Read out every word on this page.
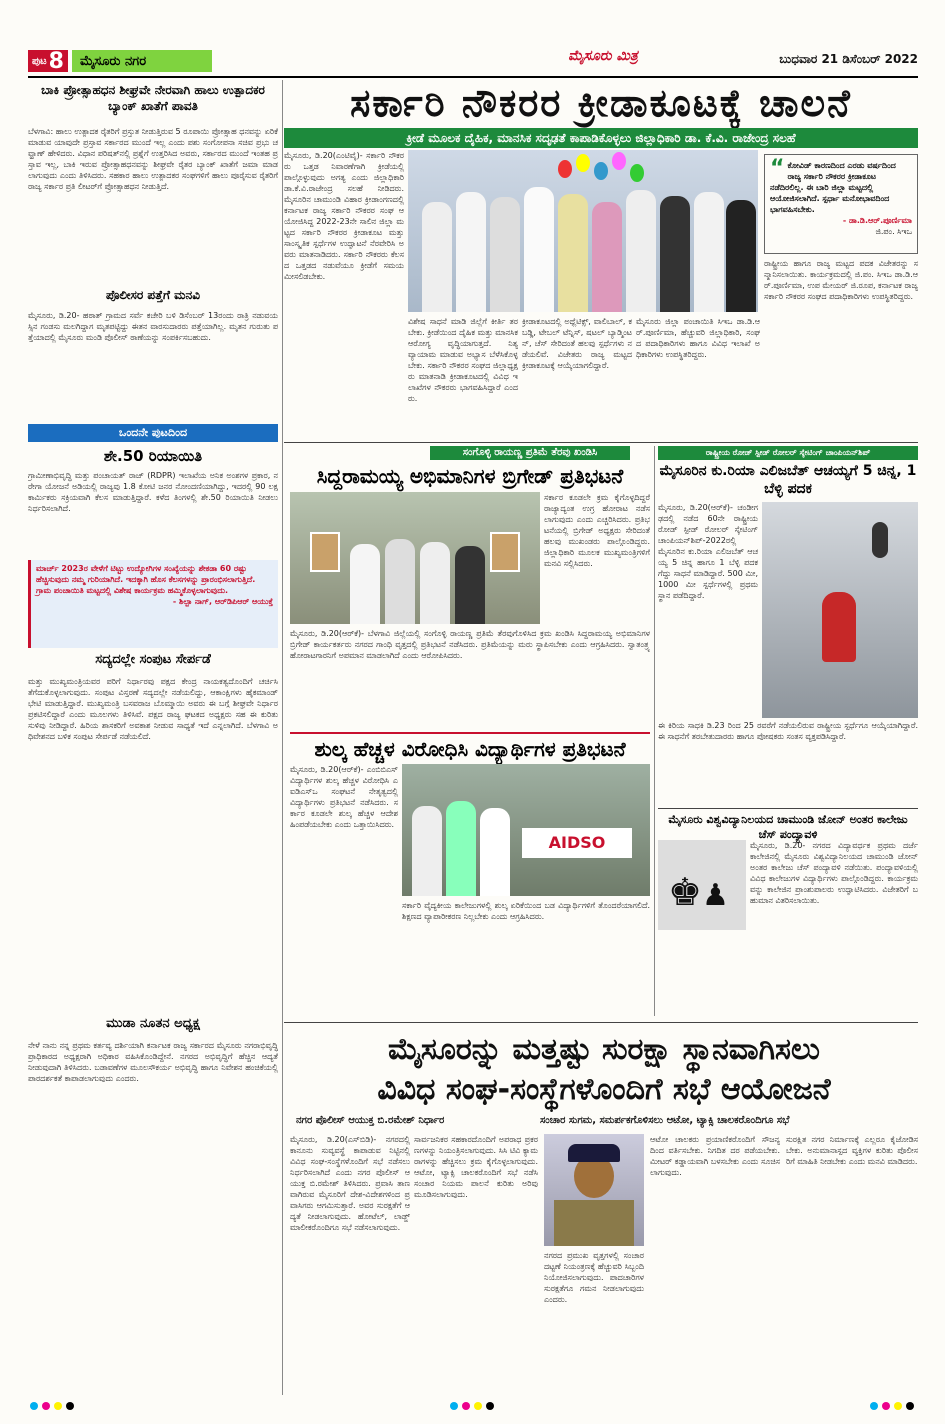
ಪುಟ 8	ಮೈಸೂರು ನಗರ	ಮೈಸೂರು ಮಿತ್ರ	ಬುಧವಾರ 21 ಡಿಸೆಂಬರ್ 2022
ಬಾಕಿ ಪ್ರೋತ್ಸಾಹಧನ ಶೀಘ್ರವೇ ನೇರವಾಗಿ ಹಾಲು ಉತ್ಪಾದಕರ ಬ್ಯಾಂಕ್ ಖಾತೆಗೆ ಪಾವತಿ
ಬೆಳಗಾವಿ: ಹಾಲು ಉತ್ಪಾದಕ ರೈತರಿಗೆ ಪ್ರಸ್ತುತ ನೀಡುತ್ತಿರುವ 5 ರೂಪಾಯಿ ಪ್ರೋತ್ಸಾಹ ಧನವನ್ನು ಏರಿಕೆ ಮಾಡುವ ಯಾವುದೇ ಪ್ರಸ್ತಾವ ಸರ್ಕಾರದ ಮುಂದೆ ಇಲ್ಲ ಎಂದು ಪಶು ಸಂಗೋಪನಾ ಸಚಿವ ಪ್ರಭು ಚವ್ಹಾಣ್ ಹೇಳಿದರು. ವಿಧಾನ ಪರಿಷತ್‌ನಲ್ಲಿ ಪ್ರಶ್ನೆಗೆ ಉತ್ತರಿಸಿದ ಅವರು, ಸರ್ಕಾರದ ಮುಂದೆ ಇಂತಹ ಪ್ರಸ್ತಾವ ಇಲ್ಲ, ಬಾಕಿ ಇರುವ ಪ್ರೋತ್ಸಾಹಧನವನ್ನು ಶೀಘ್ರವೇ ರೈತರ ಬ್ಯಾಂಕ್ ಖಾತೆಗೆ ಜಮಾ ಮಾಡಲಾಗುವುದು ಎಂದು ತಿಳಿಸಿದರು. ಸಹಕಾರ ಹಾಲು ಉತ್ಪಾದಕರ ಸಂಘಗಳಿಗೆ ಹಾಲು ಪೂರೈಸುವ ರೈತರಿಗೆ ರಾಜ್ಯ ಸರ್ಕಾರ ಪ್ರತಿ ಲೀಟರ್‌ಗೆ ಪ್ರೋತ್ಸಾಹಧನ ನೀಡುತ್ತಿದೆ.
ಪೊಲೀಸರ ಪತ್ತೆಗೆ ಮನವಿ
ಮೈಸೂರು, ಡಿ.20- ಹಠಾತ್ ಗ್ರಾಮದ ಸರ್ವೆ ಕಚೇರಿ ಬಳಿ ಡಿಸೆಂಬರ್ 13ರಂದು ರಾತ್ರಿ ನಡುವಯಸ್ಸಿನ ಗಂಡಸು ಮಲಗಿದ್ದಾಗ ಮೃತಪಟ್ಟಿದ್ದು ಈತನ ವಾರಸುದಾರರು ಪತ್ತೆಯಾಗಿಲ್ಲ. ಮೃತನ ಗುರುತು ಪತ್ತೆಯಾದಲ್ಲಿ ಮೈಸೂರು ಮಂಡಿ ಪೊಲೀಸ್ ಠಾಣೆಯನ್ನು ಸಂಪರ್ಕಿಸಬಹುದು.
ಒಂದನೇ ಪುಟದಿಂದ
ಶೇ.50 ರಿಯಾಯಿತಿ
ಗ್ರಾಮೀಣಾಭಿವೃದ್ಧಿ ಮತ್ತು ಪಂಚಾಯತ್ ರಾಜ್ (RDPR) ಇಲಾಖೆಯ ಅನಿಕ ಅಂಶಗಳ ಪ್ರಕಾರ, ನರೇಗಾ ಯೋಜನೆ ಅಡಿಯಲ್ಲಿ ರಾಜ್ಯವು 1.8 ಕೋಟಿ ಜನರ ನೋಂದಣಿಯಾಗಿದ್ದು, ಇದರಲ್ಲಿ 90 ಲಕ್ಷ ಕಾರ್ಮಿಕರು ಸಕ್ರಿಯವಾಗಿ ಕೆಲಸ ಮಾಡುತ್ತಿದ್ದಾರೆ. ಕಳೆದ ತಿಂಗಳಲ್ಲಿ ಶೇ.50 ರಿಯಾಯಿತಿ ನೀಡಲು ನಿರ್ಧರಿಸಲಾಗಿದೆ.
ಮಾರ್ಚ್ 2023ರ ವೇಳೆಗೆ ಟಿಟ್ಟು ಉದ್ಯೋಗಿಗಳ ಸಂಖ್ಯೆಯನ್ನು ಶೇಕಡಾ 60 ರಷ್ಟು ಹೆಚ್ಚಿಸುವುದು ನಮ್ಮ ಗುರಿಯಾಗಿದೆ. ಇದಕ್ಕಾಗಿ ಹೊಸ ಕೆಲಸಗಳನ್ನು ಪ್ರಾರಂಭಿಸಲಾಗುತ್ತಿದೆ. ಗ್ರಾಮ ಪಂಚಾಯಿತಿ ಮಟ್ಟದಲ್ಲಿ ವಿಶೇಷ ಕಾರ್ಯಕ್ರಮ ಹಮ್ಮಿಕೊಳ್ಳಲಾಗುವುದು.
- ಶಿಲ್ಪಾ ನಾಗ್, ಆರ್‌ಡಿಪಿಆರ್ ಆಯುಕ್ತೆ
ಸದ್ಯದಲ್ಲೇ ಸಂಪುಟ ಸೇರ್ಪಡೆ
ಮತ್ತು ಮುಖ್ಯಮಂತ್ರಿಯವರ ಪರಿಗೆ ನಿರ್ಧಾರವು ಪಕ್ಷದ ಕೇಂದ್ರ ನಾಯಕತ್ವದೊಂದಿಗೆ ಚರ್ಚಿಸಿ ತೆಗೆದುಕೊಳ್ಳಲಾಗುವುದು. ಸಂಪುಟ ವಿಸ್ತರಣೆ ಸದ್ಯದಲ್ಲೇ ನಡೆಯಲಿದ್ದು, ಆಕಾಂಕ್ಷಿಗಳು ಹೈಕಮಾಂಡ್ ಭೇಟಿ ಮಾಡುತ್ತಿದ್ದಾರೆ. ಮುಖ್ಯಮಂತ್ರಿ ಬಸವರಾಜ ಬೊಮ್ಮಾಯಿ ಅವರು ಈ ಬಗ್ಗೆ ಶೀಘ್ರವೇ ನಿರ್ಧಾರ ಪ್ರಕಟಿಸಲಿದ್ದಾರೆ ಎಂದು ಮೂಲಗಳು ತಿಳಿಸಿವೆ. ಪಕ್ಷದ ರಾಜ್ಯ ಘಟಕದ ಅಧ್ಯಕ್ಷರು ಸಹ ಈ ಕುರಿತು ಸುಳಿವು ನೀಡಿದ್ದಾರೆ. ಹಿರಿಯ ಶಾಸಕರಿಗೆ ಅವಕಾಶ ನೀಡುವ ಸಾಧ್ಯತೆ ಇದೆ ಎನ್ನಲಾಗಿದೆ. ಬೆಳಗಾವಿ ಅಧಿವೇಶನದ ಬಳಿಕ ಸಂಪುಟ ಸೇರ್ಪಡೆ ನಡೆಯಲಿದೆ.
ಮುಡಾ ನೂತನ ಅಧ್ಯಕ್ಷ
ನೇಳೆ ನಾನು ನನ್ನ ಪ್ರಥಮ ಕರ್ತವ್ಯ ದರ್ಶಿಯಾಗಿ ಕರ್ನಾಟಕ ರಾಜ್ಯ ಸರ್ಕಾರದ ಮೈಸೂರು ನಗರಾಭಿವೃದ್ಧಿ ಪ್ರಾಧಿಕಾರದ ಅಧ್ಯಕ್ಷರಾಗಿ ಅಧಿಕಾರ ವಹಿಸಿಕೊಂಡಿದ್ದೇನೆ. ನಗರದ ಅಭಿವೃದ್ಧಿಗೆ ಹೆಚ್ಚಿನ ಆದ್ಯತೆ ನೀಡುವುದಾಗಿ ತಿಳಿಸಿದರು. ಬಡಾವಣೆಗಳ ಮೂಲಸೌಕರ್ಯ ಅಭಿವೃದ್ಧಿ ಹಾಗೂ ನಿವೇಶನ ಹಂಚಿಕೆಯಲ್ಲಿ ಪಾರದರ್ಶಕತೆ ಕಾಪಾಡಲಾಗುವುದು ಎಂದರು.
ಸರ್ಕಾರಿ ನೌಕರರ ಕ್ರೀಡಾಕೂಟಕ್ಕೆ ಚಾಲನೆ
ಕ್ರೀಡೆ ಮೂಲಕ ದೈಹಿಕ, ಮಾನಸಿಕ ಸದೃಢತೆ ಕಾಪಾಡಿಕೊಳ್ಳಲು ಜಿಲ್ಲಾಧಿಕಾರಿ ಡಾ. ಕೆ.ವಿ. ರಾಜೇಂದ್ರ ಸಲಹೆ
ಮೈಸೂರು, ಡಿ.20(ಎಂಟಿವೈ)- ಸರ್ಕಾರಿ ನೌಕರರು ಒತ್ತಡ ನಿವಾರಣೆಗಾಗಿ ಕ್ರೀಡೆಯಲ್ಲಿ ಪಾಲ್ಗೊಳ್ಳುವುದು ಅಗತ್ಯ ಎಂದು ಜಿಲ್ಲಾಧಿಕಾರಿ ಡಾ.ಕೆ.ವಿ.ರಾಜೇಂದ್ರ ಸಲಹೆ ನೀಡಿದರು. ಮೈಸೂರಿನ ಚಾಮುಂಡಿ ವಿಹಾರ ಕ್ರೀಡಾಂಗಣದಲ್ಲಿ ಕರ್ನಾಟಕ ರಾಜ್ಯ ಸರ್ಕಾರಿ ನೌಕರರ ಸಂಘ ಆಯೋಜಿಸಿದ್ದ 2022-23ನೇ ಸಾಲಿನ ಜಿಲ್ಲಾ ಮಟ್ಟದ ಸರ್ಕಾರಿ ನೌಕರರ ಕ್ರೀಡಾಕೂಟ ಮತ್ತು ಸಾಂಸ್ಕೃತಿಕ ಸ್ಪರ್ಧೆಗಳ ಉದ್ಘಾಟನೆ ನೆರವೇರಿಸಿ ಅವರು ಮಾತನಾಡಿದರು. ಸರ್ಕಾರಿ ನೌಕರರು ಕೆಲಸದ ಒತ್ತಡದ ನಡುವೆಯೂ ಕ್ರೀಡೆಗೆ ಸಮಯ ಮೀಸಲಿಡಬೇಕು.
“ ಕೋವಿಡ್ ಕಾರಣದಿಂದ ಎರಡು ವರ್ಷದಿಂದ ರಾಜ್ಯ ಸರ್ಕಾರಿ ನೌಕರರ ಕ್ರೀಡಾಕೂಟ ನಡೆದಿರಲಿಲ್ಲ. ಈ ಬಾರಿ ಜಿಲ್ಲಾ ಮಟ್ಟದಲ್ಲಿ ಆಯೋಜಿಸಲಾಗಿದೆ. ಸ್ಪರ್ಧಾ ಮನೋಭಾವದಿಂದ ಭಾಗವಹಿಸಬೇಕು.
- ಡಾ.ಡಿ.ಆರ್.ಪೂರ್ಣಿಮಾ
ಜಿ.ಪಂ. ಸಿಇಒ
ವಿಶೇಷ ಸಾಧನೆ ಮಾಡಿ ಜಿಲ್ಲೆಗೆ ಕೀರ್ತಿ ತರಬೇಕು. ಕ್ರೀಡೆಯಿಂದ ದೈಹಿಕ ಮತ್ತು ಮಾನಸಿಕ ಆರೋಗ್ಯ ವೃದ್ಧಿಯಾಗುತ್ತದೆ. ನಿತ್ಯ ವ್ಯಾಯಾಮ ಮಾಡುವ ಅಭ್ಯಾಸ ಬೆಳೆಸಿಕೊಳ್ಳಬೇಕು. ಸರ್ಕಾರಿ ನೌಕರರ ಸಂಘದ ಜಿಲ್ಲಾಧ್ಯಕ್ಷರು ಮಾತನಾಡಿ ಕ್ರೀಡಾಕೂಟದಲ್ಲಿ ವಿವಿಧ ಇಲಾಖೆಗಳ ನೌಕರರು ಭಾಗವಹಿಸಿದ್ದಾರೆ ಎಂದರು.
ಕ್ರೀಡಾಕೂಟದಲ್ಲಿ ಅಥ್ಲೆಟಿಕ್ಸ್, ವಾಲಿಬಾಲ್, ಕಬಡ್ಡಿ, ಟೇಬಲ್ ಟೆನ್ನಿಸ್, ಷಟಲ್ ಬ್ಯಾಡ್ಮಿಂಟನ್, ಚೆಸ್ ಸೇರಿದಂತೆ ಹಲವು ಸ್ಪರ್ಧೆಗಳು ನಡೆಯಲಿವೆ. ವಿಜೇತರು ರಾಜ್ಯ ಮಟ್ಟದ ಕ್ರೀಡಾಕೂಟಕ್ಕೆ ಆಯ್ಕೆಯಾಗಲಿದ್ದಾರೆ.
ಮೈಸೂರು ಜಿಲ್ಲಾ ಪಂಚಾಯಿತಿ ಸಿಇಒ ಡಾ.ಡಿ.ಆರ್.ಪೂರ್ಣಿಮಾ, ಹೆಚ್ಚುವರಿ ಜಿಲ್ಲಾಧಿಕಾರಿ, ಸಂಘದ ಪದಾಧಿಕಾರಿಗಳು ಹಾಗೂ ವಿವಿಧ ಇಲಾಖೆ ಅಧಿಕಾರಿಗಳು ಉಪಸ್ಥಿತರಿದ್ದರು.
ರಾಷ್ಟ್ರೀಯ ಹಾಗೂ ರಾಜ್ಯ ಮಟ್ಟದ ಪದಕ ವಿಜೇತರನ್ನು ಸನ್ಮಾನಿಸಲಾಯಿತು. ಕಾರ್ಯಕ್ರಮದಲ್ಲಿ ಜಿ.ಪಂ. ಸಿಇಒ ಡಾ.ಡಿ.ಆರ್.ಪೂರ್ಣಿಮಾ, ಉಪ ಮೇಯರ್ ಜಿ.ರೂಪ, ಕರ್ನಾಟಕ ರಾಜ್ಯ ಸರ್ಕಾರಿ ನೌಕರರ ಸಂಘದ ಪದಾಧಿಕಾರಿಗಳು ಉಪಸ್ಥಿತರಿದ್ದರು.
ಸಂಗೊಳ್ಳಿ ರಾಯಣ್ಣ ಪ್ರತಿಮೆ ತೆರವು ಖಂಡಿಸಿ
ಸಿದ್ದರಾಮಯ್ಯ ಅಭಿಮಾನಿಗಳ ಬ್ರಿಗೇಡ್ ಪ್ರತಿಭಟನೆ
ಸರ್ಕಾರ ಕೂಡಲೇ ಕ್ರಮ ಕೈಗೊಳ್ಳದಿದ್ದರೆ ರಾಜ್ಯಾದ್ಯಂತ ಉಗ್ರ ಹೋರಾಟ ನಡೆಸಲಾಗುವುದು ಎಂದು ಎಚ್ಚರಿಸಿದರು. ಪ್ರತಿಭಟನೆಯಲ್ಲಿ ಬ್ರಿಗೇಡ್ ಅಧ್ಯಕ್ಷರು ಸೇರಿದಂತೆ ಹಲವು ಮುಖಂಡರು ಪಾಲ್ಗೊಂಡಿದ್ದರು. ಜಿಲ್ಲಾಧಿಕಾರಿ ಮೂಲಕ ಮುಖ್ಯಮಂತ್ರಿಗಳಿಗೆ ಮನವಿ ಸಲ್ಲಿಸಿದರು.
ಮೈಸೂರು, ಡಿ.20(ಆರ್‌ಕೆ)- ಬೆಳಗಾವಿ ಜಿಲ್ಲೆಯಲ್ಲಿ ಸಂಗೊಳ್ಳಿ ರಾಯಣ್ಣ ಪ್ರತಿಮೆ ತೆರವುಗೊಳಿಸಿದ ಕ್ರಮ ಖಂಡಿಸಿ ಸಿದ್ದರಾಮಯ್ಯ ಅಭಿಮಾನಿಗಳ ಬ್ರಿಗೇಡ್ ಕಾರ್ಯಕರ್ತರು ನಗರದ ಗಾಂಧಿ ವೃತ್ತದಲ್ಲಿ ಪ್ರತಿಭಟನೆ ನಡೆಸಿದರು. ಪ್ರತಿಮೆಯನ್ನು ಮರು ಸ್ಥಾಪಿಸಬೇಕು ಎಂದು ಆಗ್ರಹಿಸಿದರು. ಸ್ವಾತಂತ್ರ್ಯ ಹೋರಾಟಗಾರನಿಗೆ ಅಪಮಾನ ಮಾಡಲಾಗಿದೆ ಎಂದು ಆರೋಪಿಸಿದರು.
ಶುಲ್ಕ ಹೆಚ್ಚಳ ವಿರೋಧಿಸಿ ವಿದ್ಯಾರ್ಥಿಗಳ ಪ್ರತಿಭಟನೆ
ಮೈಸೂರು, ಡಿ.20(ಆರ್‌ಕೆ)- ಎಂಬಿಬಿಎಸ್ ವಿದ್ಯಾರ್ಥಿಗಳ ಶುಲ್ಕ ಹೆಚ್ಚಳ ವಿರೋಧಿಸಿ ಎಐಡಿಎಸ್‌ಒ ಸಂಘಟನೆ ನೇತೃತ್ವದಲ್ಲಿ ವಿದ್ಯಾರ್ಥಿಗಳು ಪ್ರತಿಭಟನೆ ನಡೆಸಿದರು. ಸರ್ಕಾರ ಕೂಡಲೇ ಶುಲ್ಕ ಹೆಚ್ಚಳ ಆದೇಶ ಹಿಂಪಡೆಯಬೇಕು ಎಂದು ಒತ್ತಾಯಿಸಿದರು.
AIDSO
ಸರ್ಕಾರಿ ವೈದ್ಯಕೀಯ ಕಾಲೇಜುಗಳಲ್ಲಿ ಶುಲ್ಕ ಏರಿಕೆಯಿಂದ ಬಡ ವಿದ್ಯಾರ್ಥಿಗಳಿಗೆ ತೊಂದರೆಯಾಗಲಿದೆ. ಶಿಕ್ಷಣದ ವ್ಯಾಪಾರೀಕರಣ ನಿಲ್ಲಬೇಕು ಎಂದು ಆಗ್ರಹಿಸಿದರು.
ರಾಷ್ಟ್ರೀಯ ರೋಡ್ ಸ್ಪೀಡ್ ರೋಲರ್ ಸ್ಕೇಟಿಂಗ್ ಚಾಂಪಿಯನ್‌ಶಿಪ್
ಮೈಸೂರಿನ ಕು.ರಿಯಾ ಎಲಿಜಬೆತ್ ಆಚಯ್ಯಗೆ 5 ಚಿನ್ನ, 1 ಬೆಳ್ಳಿ ಪದಕ
ಮೈಸೂರು, ಡಿ.20(ಆರ್‌ಕೆ)- ಚಂಡೀಗಢದಲ್ಲಿ ನಡೆದ 60ನೇ ರಾಷ್ಟ್ರೀಯ ರೋಡ್ ಸ್ಪೀಡ್ ರೋಲರ್ ಸ್ಕೇಟಿಂಗ್ ಚಾಂಪಿಯನ್‌ಶಿಪ್-2022ರಲ್ಲಿ ಮೈಸೂರಿನ ಕು.ರಿಯಾ ಎಲಿಜಬೆತ್ ಆಚಯ್ಯ 5 ಚಿನ್ನ ಹಾಗೂ 1 ಬೆಳ್ಳಿ ಪದಕ ಗೆದ್ದು ಸಾಧನೆ ಮಾಡಿದ್ದಾರೆ. 500 ಮೀ, 1000 ಮೀ ಸ್ಪರ್ಧೆಗಳಲ್ಲಿ ಪ್ರಥಮ ಸ್ಥಾನ ಪಡೆದಿದ್ದಾರೆ.
ಈ ಕಿರಿಯ ಸಾಧಕಿ ಡಿ.23 ರಿಂದ 25 ರವರೆಗೆ ನಡೆಯಲಿರುವ ರಾಷ್ಟ್ರೀಯ ಸ್ಪರ್ಧೆಗೂ ಆಯ್ಕೆಯಾಗಿದ್ದಾರೆ. ಈ ಸಾಧನೆಗೆ ತರಬೇತುದಾರರು ಹಾಗೂ ಪೋಷಕರು ಸಂತಸ ವ್ಯಕ್ತಪಡಿಸಿದ್ದಾರೆ.
ಮೈಸೂರು ವಿಶ್ವವಿದ್ಯಾನಿಲಯದ ಚಾಮುಂಡಿ ಜೋನ್ ಅಂತರ ಕಾಲೇಜು ಚೆಸ್ ಪಂದ್ಯಾವಳಿ
♚ ♟
ಮೈಸೂರು, ಡಿ.20- ನಗರದ ವಿದ್ಯಾವರ್ಧಕ ಪ್ರಥಮ ದರ್ಜೆ ಕಾಲೇಜಿನಲ್ಲಿ ಮೈಸೂರು ವಿಶ್ವವಿದ್ಯಾನಿಲಯದ ಚಾಮುಂಡಿ ಜೋನ್ ಅಂತರ ಕಾಲೇಜು ಚೆಸ್ ಪಂದ್ಯಾವಳಿ ನಡೆಯಿತು. ಪಂದ್ಯಾವಳಿಯಲ್ಲಿ ವಿವಿಧ ಕಾಲೇಜುಗಳ ವಿದ್ಯಾರ್ಥಿಗಳು ಪಾಲ್ಗೊಂಡಿದ್ದರು. ಕಾರ್ಯಕ್ರಮವನ್ನು ಕಾಲೇಜಿನ ಪ್ರಾಂಶುಪಾಲರು ಉದ್ಘಾಟಿಸಿದರು. ವಿಜೇತರಿಗೆ ಬಹುಮಾನ ವಿತರಿಸಲಾಯಿತು.
ಮೈಸೂರನ್ನು ಮತ್ತಷ್ಟು ಸುರಕ್ಷಾ ಸ್ಥಾನವಾಗಿಸಲು
ವಿವಿಧ ಸಂಘ-ಸಂಸ್ಥೆಗಳೊಂದಿಗೆ ಸಭೆ ಆಯೋಜನೆ
ನಗರ ಪೊಲೀಸ್ ಆಯುಕ್ತ ಬಿ.ರಮೇಶ್ ನಿರ್ಧಾರ	ಸಂಚಾರ ಸುಗಮ, ಸಮರ್ಪಕಗೊಳಿಸಲು ಆಟೋ, ಟ್ಯಾಕ್ಸಿ ಚಾಲಕರೊಂದಿಗೂ ಸಭೆ
ಮೈಸೂರು, ಡಿ.20(ಎಸ್‌ಬಿಡಿ)- ನಗರದಲ್ಲಿ ಕಾನೂನು ಸುವ್ಯವಸ್ಥೆ ಕಾಪಾಡುವ ನಿಟ್ಟಿನಲ್ಲಿ ವಿವಿಧ ಸಂಘ-ಸಂಸ್ಥೆಗಳೊಂದಿಗೆ ಸಭೆ ನಡೆಸಲು ನಿರ್ಧರಿಸಲಾಗಿದೆ ಎಂದು ನಗರ ಪೊಲೀಸ್ ಆಯುಕ್ತ ಬಿ.ರಮೇಶ್ ತಿಳಿಸಿದರು. ಪ್ರವಾಸಿ ತಾಣವಾಗಿರುವ ಮೈಸೂರಿಗೆ ದೇಶ-ವಿದೇಶಗಳಿಂದ ಪ್ರವಾಸಿಗರು ಆಗಮಿಸುತ್ತಾರೆ. ಅವರ ಸುರಕ್ಷತೆಗೆ ಆದ್ಯತೆ ನೀಡಲಾಗುವುದು. ಹೋಟೆಲ್, ಲಾಡ್ಜ್ ಮಾಲೀಕರೊಂದಿಗೂ ಸಭೆ ನಡೆಸಲಾಗುವುದು.
ಸಾರ್ವಜನಿಕರ ಸಹಕಾರದೊಂದಿಗೆ ಅಪರಾಧ ಪ್ರಕರಣಗಳನ್ನು ನಿಯಂತ್ರಿಸಲಾಗುವುದು. ಸಿಸಿ ಟಿವಿ ಕ್ಯಾಮರಾಗಳನ್ನು ಹೆಚ್ಚಿಸಲು ಕ್ರಮ ಕೈಗೊಳ್ಳಲಾಗುವುದು. ಆಟೋ, ಟ್ಯಾಕ್ಸಿ ಚಾಲಕರೊಂದಿಗೆ ಸಭೆ ನಡೆಸಿ ಸಂಚಾರ ನಿಯಮ ಪಾಲನೆ ಕುರಿತು ಅರಿವು ಮೂಡಿಸಲಾಗುವುದು.
ನಗರದ ಪ್ರಮುಖ ವೃತ್ತಗಳಲ್ಲಿ ಸಂಚಾರ ದಟ್ಟಣೆ ನಿಯಂತ್ರಣಕ್ಕೆ ಹೆಚ್ಚುವರಿ ಸಿಬ್ಬಂದಿ ನಿಯೋಜಿಸಲಾಗುವುದು. ಪಾದಚಾರಿಗಳ ಸುರಕ್ಷತೆಗೂ ಗಮನ ನೀಡಲಾಗುವುದು ಎಂದರು.
ಆಟೋ ಚಾಲಕರು ಪ್ರಯಾಣಿಕರೊಂದಿಗೆ ಸೌಜನ್ಯದಿಂದ ವರ್ತಿಸಬೇಕು. ನಿಗದಿತ ದರ ಪಡೆಯಬೇಕು. ಮೀಟರ್ ಕಡ್ಡಾಯವಾಗಿ ಬಳಸಬೇಕು ಎಂದು ಸೂಚಿಸಲಾಗುವುದು.
ಸುರಕ್ಷಿತ ನಗರ ನಿರ್ಮಾಣಕ್ಕೆ ಎಲ್ಲರೂ ಕೈಜೋಡಿಸಬೇಕು. ಅನುಮಾನಾಸ್ಪದ ವ್ಯಕ್ತಿಗಳ ಕುರಿತು ಪೊಲೀಸರಿಗೆ ಮಾಹಿತಿ ನೀಡಬೇಕು ಎಂದು ಮನವಿ ಮಾಡಿದರು.
